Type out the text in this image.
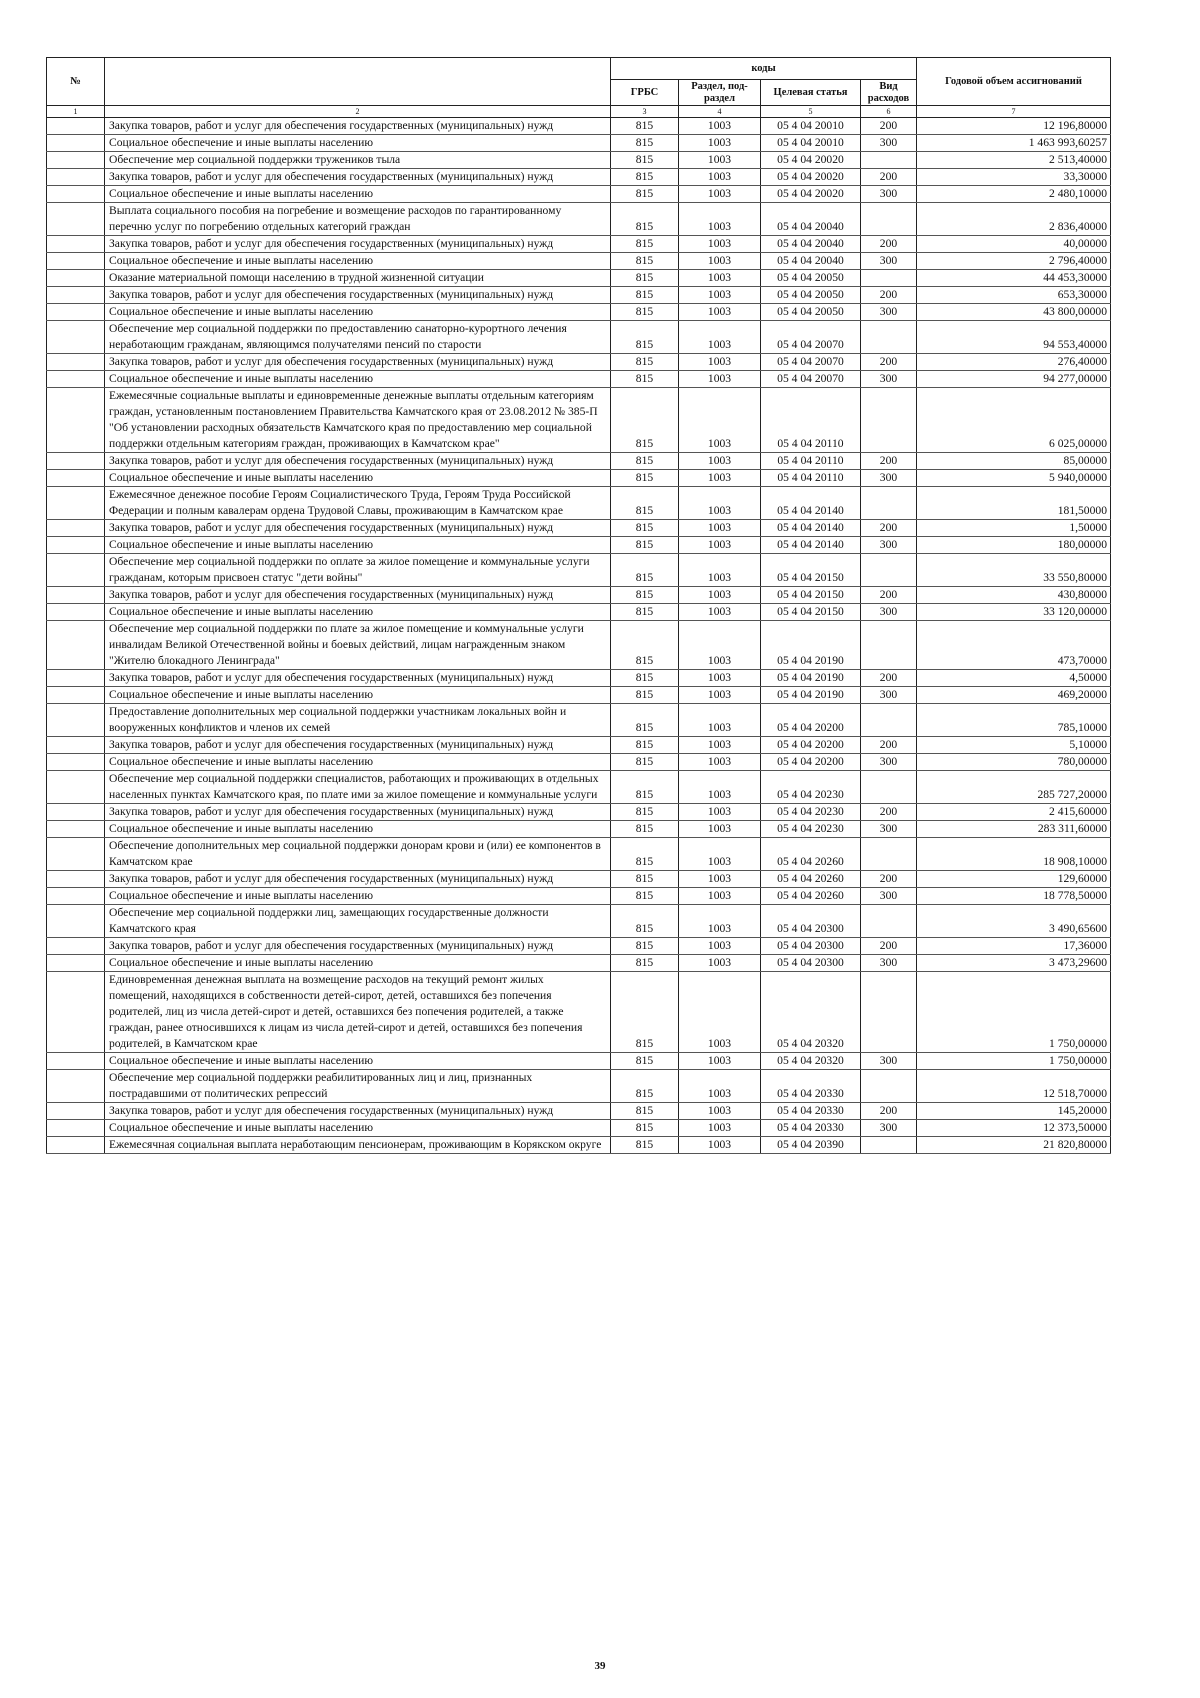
№		коды				Годовой объем ассигнований
		ГРБС	Раздел, под-раздел	Целевая статья	Вид расходов	
1	2	3	4	5	6	7
	Закупка товаров, работ и услуг для обеспечения государственных (муниципальных) нужд	815	1003	05 4 04 20010	200	12 196,80000
	Социальное обеспечение и иные выплаты населению	815	1003	05 4 04 20010	300	1 463 993,60257
	Обеспечение мер социальной поддержки тружеников тыла	815	1003	05 4 04 20020		2 513,40000
	Закупка товаров, работ и услуг для обеспечения государственных (муниципальных) нужд	815	1003	05 4 04 20020	200	33,30000
	Социальное обеспечение и иные выплаты населению	815	1003	05 4 04 20020	300	2 480,10000
	Выплата социального пособия на погребение и возмещение расходов по гарантированному перечню услуг по погребению отдельных категорий граждан	815	1003	05 4 04 20040		2 836,40000
	Закупка товаров, работ и услуг для обеспечения государственных (муниципальных) нужд	815	1003	05 4 04 20040	200	40,00000
	Социальное обеспечение и иные выплаты населению	815	1003	05 4 04 20040	300	2 796,40000
	Оказание материальной помощи населению в трудной жизненной ситуации	815	1003	05 4 04 20050		44 453,30000
	Закупка товаров, работ и услуг для обеспечения государственных (муниципальных) нужд	815	1003	05 4 04 20050	200	653,30000
	Социальное обеспечение и иные выплаты населению	815	1003	05 4 04 20050	300	43 800,00000
	Обеспечение мер социальной поддержки по предоставлению санаторно-курортного лечения неработающим гражданам, являющимся получателями пенсий по старости	815	1003	05 4 04 20070		94 553,40000
	Закупка товаров, работ и услуг для обеспечения государственных (муниципальных) нужд	815	1003	05 4 04 20070	200	276,40000
	Социальное обеспечение и иные выплаты населению	815	1003	05 4 04 20070	300	94 277,00000
	Ежемесячные социальные выплаты и единовременные денежные выплаты отдельным категориям граждан, установленным постановлением Правительства Камчатского края от 23.08.2012 № 385-П "Об установлении расходных обязательств Камчатского края по предоставлению мер социальной поддержки отдельным категориям граждан, проживающих в Камчатском крае"	815	1003	05 4 04 20110		6 025,00000
	Закупка товаров, работ и услуг для обеспечения государственных (муниципальных) нужд	815	1003	05 4 04 20110	200	85,00000
	Социальное обеспечение и иные выплаты населению	815	1003	05 4 04 20110	300	5 940,00000
	Ежемесячное денежное пособие Героям Социалистического Труда, Героям Труда Российской Федерации и полным кавалерам ордена Трудовой Славы, проживающим в Камчатском крае	815	1003	05 4 04 20140		181,50000
	Закупка товаров, работ и услуг для обеспечения государственных (муниципальных) нужд	815	1003	05 4 04 20140	200	1,50000
	Социальное обеспечение и иные выплаты населению	815	1003	05 4 04 20140	300	180,00000
	Обеспечение мер социальной поддержки по оплате за жилое помещение и коммунальные услуги гражданам, которым присвоен статус "дети войны"	815	1003	05 4 04 20150		33 550,80000
	Закупка товаров, работ и услуг для обеспечения государственных (муниципальных) нужд	815	1003	05 4 04 20150	200	430,80000
	Социальное обеспечение и иные выплаты населению	815	1003	05 4 04 20150	300	33 120,00000
	Обеспечение мер социальной поддержки по плате за жилое помещение и коммунальные услуги инвалидам Великой Отечественной войны и боевых действий, лицам награжденным знаком "Жителю блокадного Ленинграда"	815	1003	05 4 04 20190		473,70000
	Закупка товаров, работ и услуг для обеспечения государственных (муниципальных) нужд	815	1003	05 4 04 20190	200	4,50000
	Социальное обеспечение и иные выплаты населению	815	1003	05 4 04 20190	300	469,20000
	Предоставление дополнительных мер социальной поддержки участникам локальных войн и вооруженных конфликтов и членов их семей	815	1003	05 4 04 20200		785,10000
	Закупка товаров, работ и услуг для обеспечения государственных (муниципальных) нужд	815	1003	05 4 04 20200	200	5,10000
	Социальное обеспечение и иные выплаты населению	815	1003	05 4 04 20200	300	780,00000
	Обеспечение мер социальной поддержки специалистов, работающих и проживающих в отдельных населенных пунктах Камчатского края, по плате ими за жилое помещение и коммунальные услуги	815	1003	05 4 04 20230		285 727,20000
	Закупка товаров, работ и услуг для обеспечения государственных (муниципальных) нужд	815	1003	05 4 04 20230	200	2 415,60000
	Социальное обеспечение и иные выплаты населению	815	1003	05 4 04 20230	300	283 311,60000
	Обеспечение дополнительных мер социальной поддержки донорам крови и (или) ее компонентов в Камчатском крае	815	1003	05 4 04 20260		18 908,10000
	Закупка товаров, работ и услуг для обеспечения государственных (муниципальных) нужд	815	1003	05 4 04 20260	200	129,60000
	Социальное обеспечение и иные выплаты населению	815	1003	05 4 04 20260	300	18 778,50000
	Обеспечение мер социальной поддержки лиц, замещающих государственные должности Камчатского края	815	1003	05 4 04 20300		3 490,65600
	Закупка товаров, работ и услуг для обеспечения государственных (муниципальных) нужд	815	1003	05 4 04 20300	200	17,36000
	Социальное обеспечение и иные выплаты населению	815	1003	05 4 04 20300	300	3 473,29600
	Единовременная денежная выплата на возмещение расходов на текущий ремонт жилых помещений, находящихся в собственности детей-сирот, детей, оставшихся без попечения родителей, лиц из числа детей-сирот и детей, оставшихся без попечения родителей, а также граждан, ранее относившихся к лицам из числа детей-сирот и детей, оставшихся без попечения родителей, в Камчатском крае	815	1003	05 4 04 20320		1 750,00000
	Социальное обеспечение и иные выплаты населению	815	1003	05 4 04 20320	300	1 750,00000
	Обеспечение мер социальной поддержки реабилитированных лиц и лиц, признанных пострадавшими от политических репрессий	815	1003	05 4 04 20330		12 518,70000
	Закупка товаров, работ и услуг для обеспечения государственных (муниципальных) нужд	815	1003	05 4 04 20330	200	145,20000
	Социальное обеспечение и иные выплаты населению	815	1003	05 4 04 20330	300	12 373,50000
	Ежемесячная социальная выплата неработающим пенсионерам, проживающим в Корякском округе	815	1003	05 4 04 20390		21 820,80000
39
